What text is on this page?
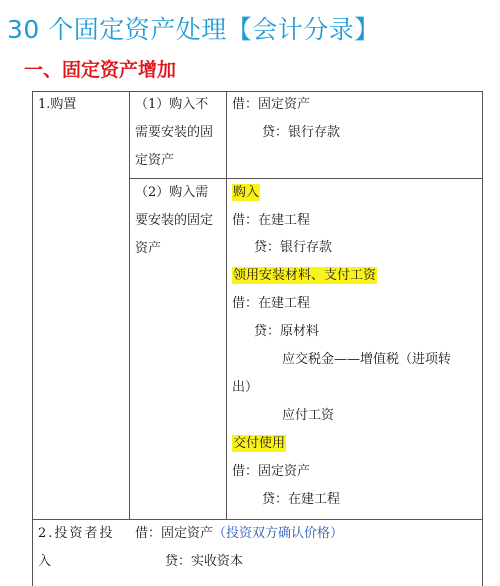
30 个固定资产处理【会计分录】
一、固定资产增加
1.购置	（1）购入不
需要安装的固
定资产
借：固定资产
贷：银行存款
（2）购入需
要安装的固定
资产
购入
借：在建工程
贷：银行存款
领用安装材料、支付工资
借：在建工程
贷：原材料
应交税金——增值税（进项转
出）
应付工资
交付使用
借：固定资产
贷：在建工程
2.投资者投
入
借：固定资产（投资双方确认价格）
贷：实收资本
